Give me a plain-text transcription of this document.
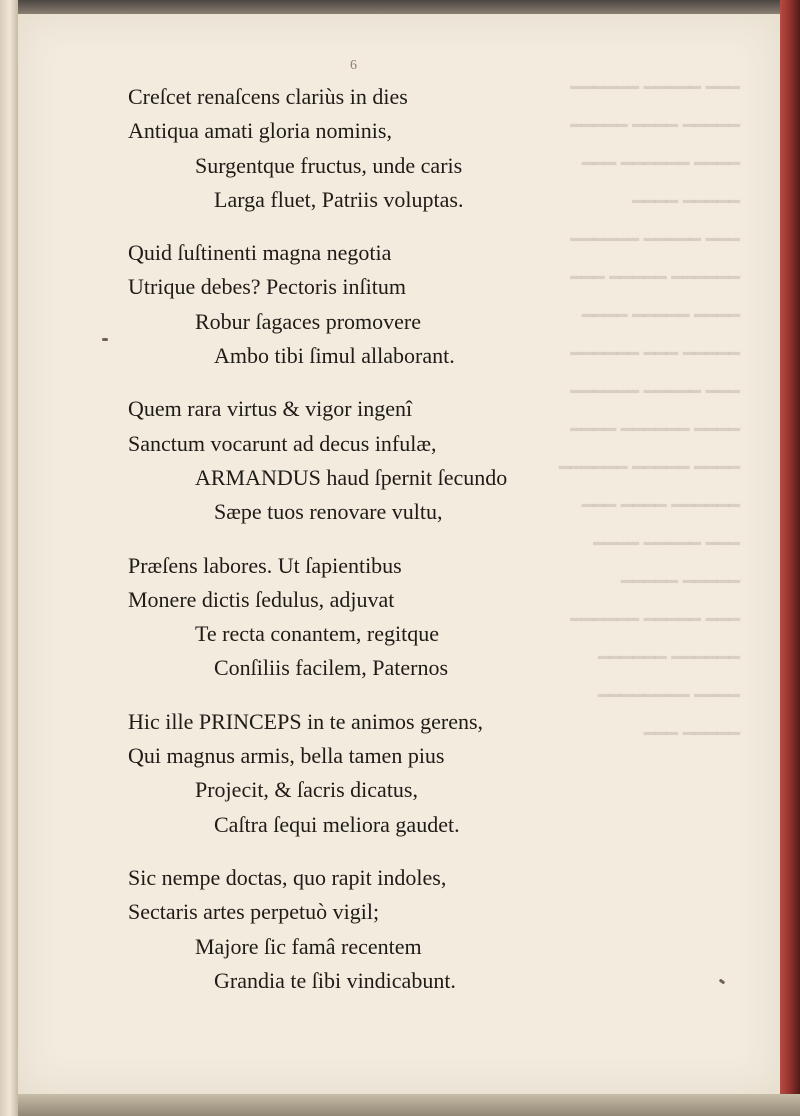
6
Creſcet renaſcens clariùs in dies
Antiqua amati gloria nominis,
Surgentque fructus, unde caris
Larga fluet, Patriis voluptas.
Quid ſuſtinenti magna negotia
Utrique debes? Pectoris inſitum
Robur ſagaces promovere
Ambo tibi ſimul allaborant.
Quem rara virtus & vigor ingenî
Sanctum vocarunt ad decus infulæ,
ARMANDUS haud ſpernit ſecundo
Sæpe tuos renovare vultu,
Præſens labores. Ut ſapientibus
Monere dictis ſedulus, adjuvat
Te recta conantem, regitque
Conſiliis facilem, Paternos
Hic ille PRINCEPS in te animos gerens,
Qui magnus armis, bella tamen pius
Projecit, & ſacris dicatus,
Caſtra ſequi meliora gaudet.
Sic nempe doctas, quo rapit indoles,
Sectaris artes perpetuò vigil;
Majore ſic famâ recentem
Grandia te ſibi vindicabunt.
